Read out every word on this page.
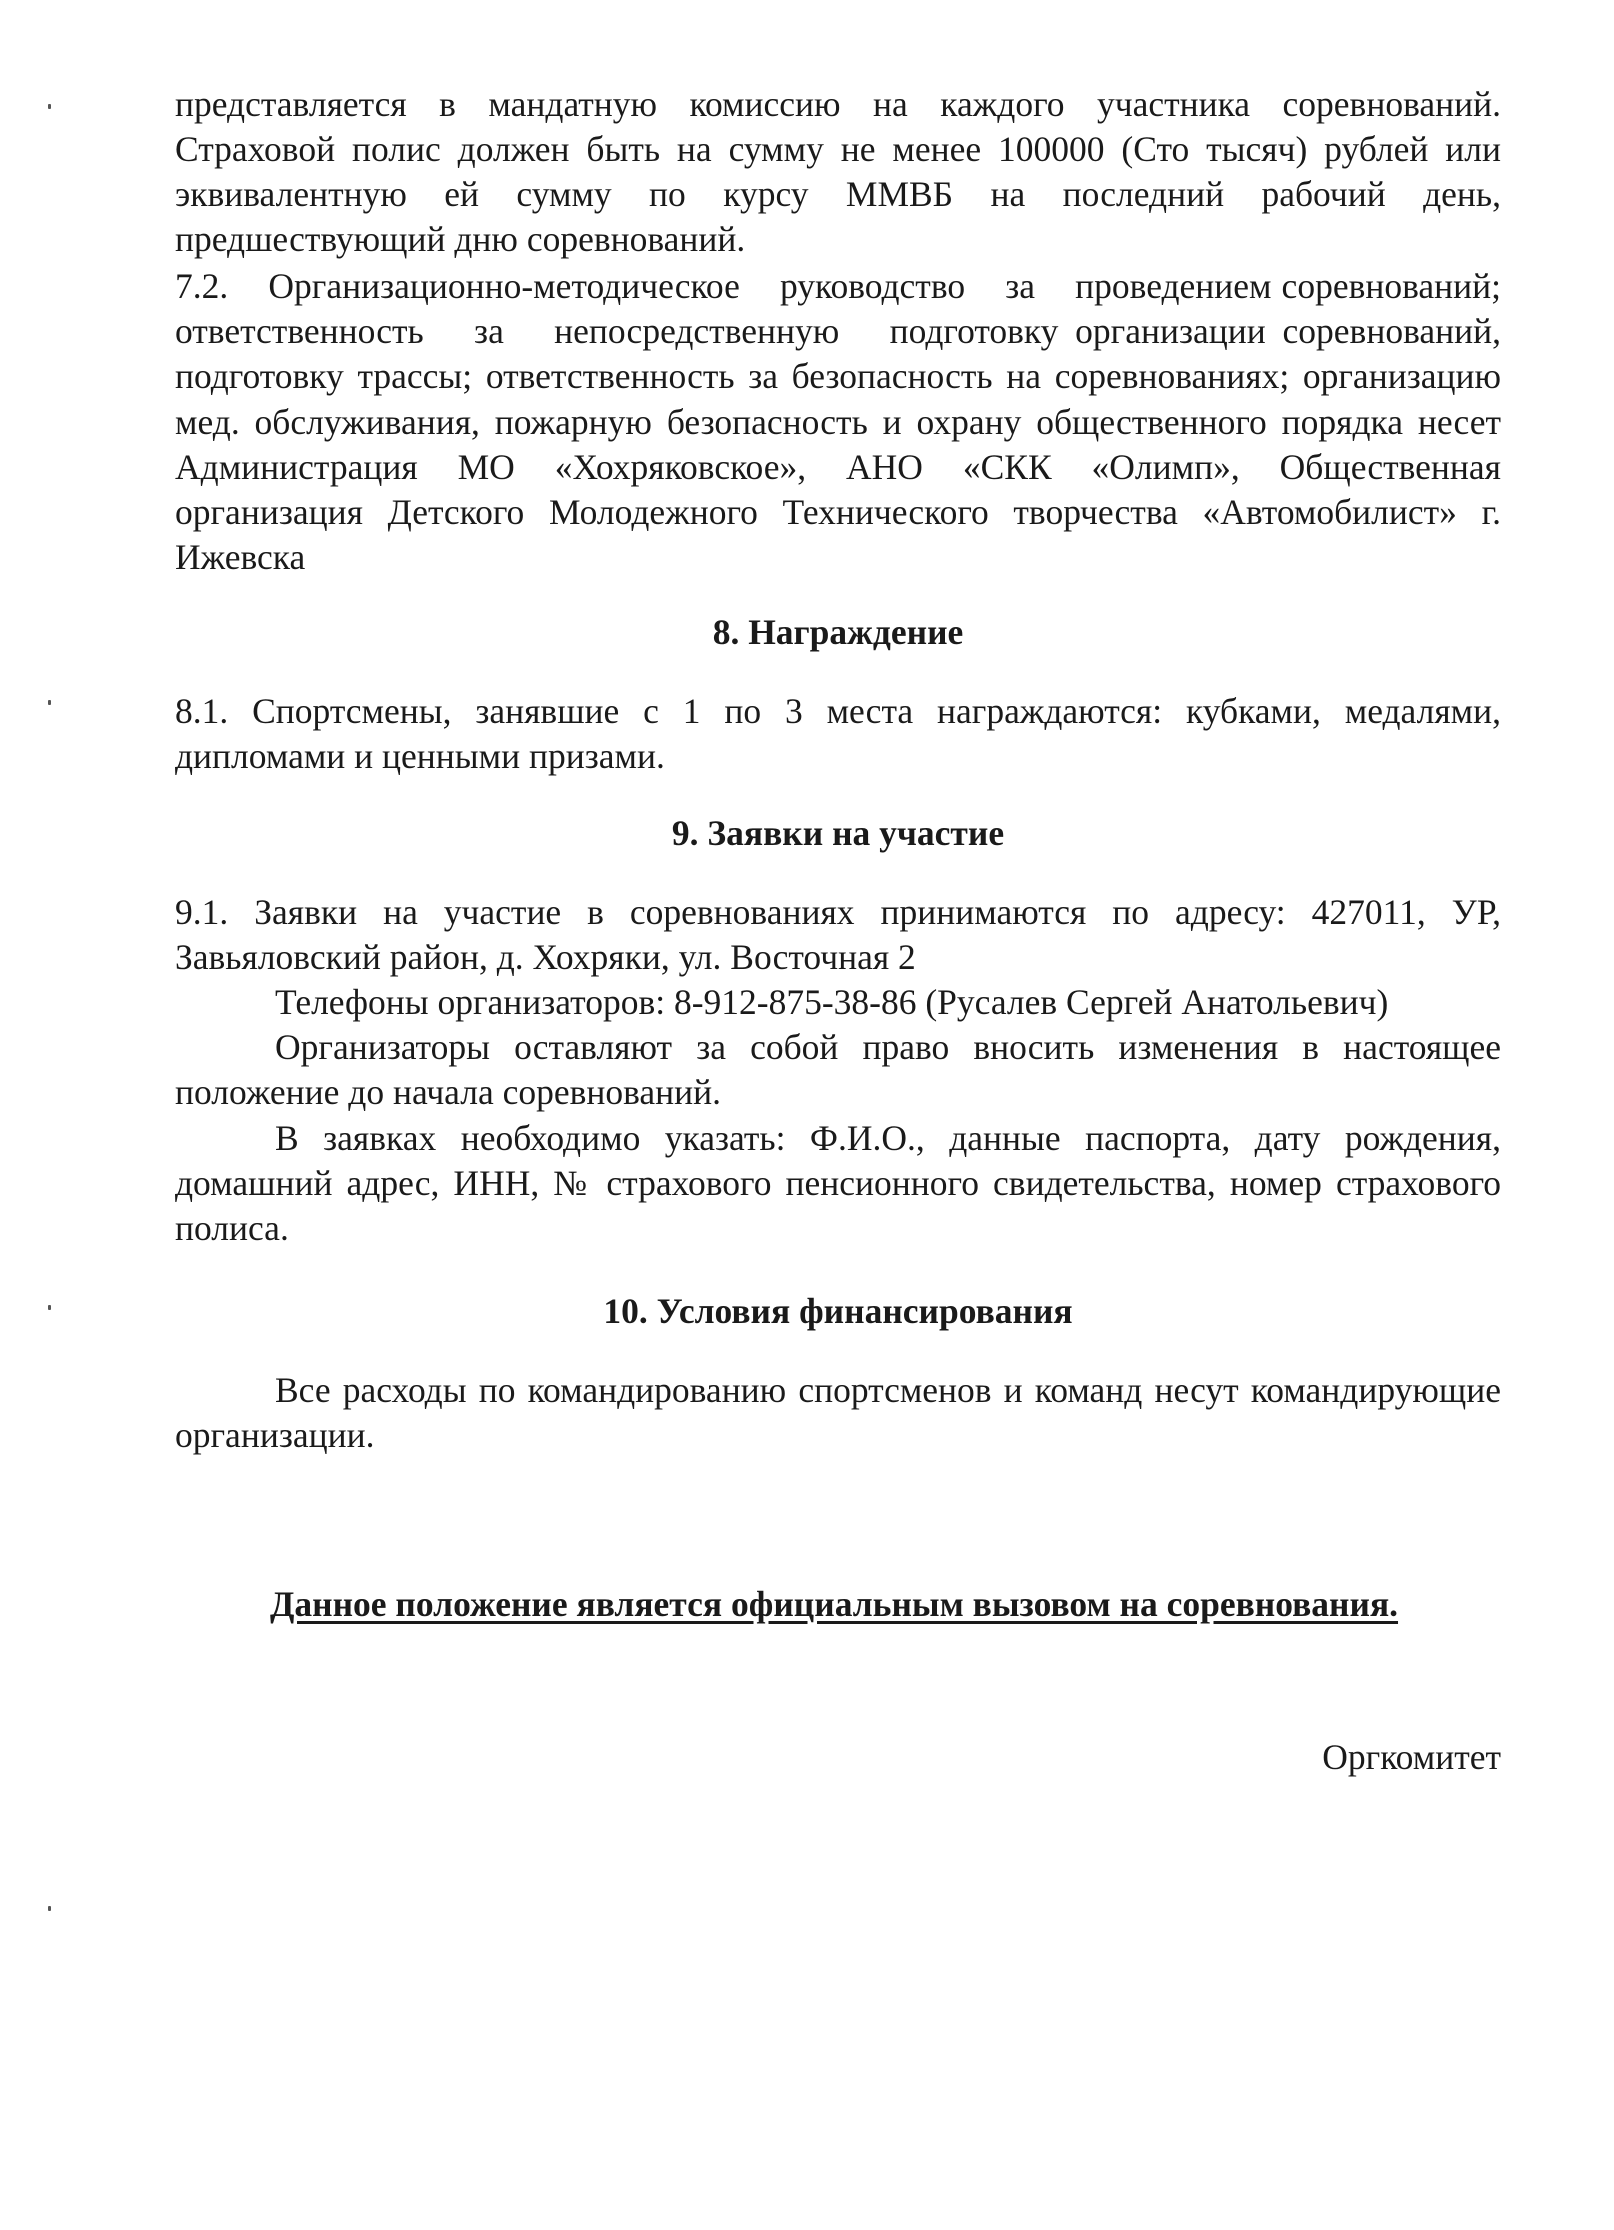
представляется в мандатную комиссию на каждого участника соревнований. Страховой полис должен быть на сумму не менее 100000 (Сто тысяч) рублей или эквивалентную ей сумму по курсу ММВБ на последний рабочий день, предшествующий дню соревнований.

7.2.    Организационно-методическое    руководство    за    проведением соревнований;   ответственность   за   непосредственную   подготовку организации соревнований, подготовку трассы; ответственность за безопасность на соревнованиях; организацию мед. обслуживания, пожарную безопасность и охрану общественного порядка несет Администрация МО «Хохряковское», АНО «СКК «Олимп», Общественная организация Детского Молодежного Технического творчества «Автомобилист» г. Ижевска

8. Награждение

8.1. Спортсмены, занявшие с 1 по 3 места награждаются: кубками, медалями, дипломами и ценными призами.

9. Заявки на участие

9.1. Заявки на участие в соревнованиях принимаются по адресу: 427011, УР, Завьяловский район, д. Хохряки, ул. Восточная 2

Телефоны организаторов: 8-912-875-38-86 (Русалев Сергей Анатольевич)

Организаторы оставляют за собой право вносить изменения в настоящее положение до начала соревнований.

В заявках необходимо указать: Ф.И.О., данные паспорта, дату рождения, домашний адрес, ИНН, № страхового пенсионного свидетельства, номер страхового полиса.

10. Условия финансирования

Все расходы по командированию спортсменов и команд несут командирующие организации.

Данное положение является официальным вызовом на соревнования.

Оргкомитет
